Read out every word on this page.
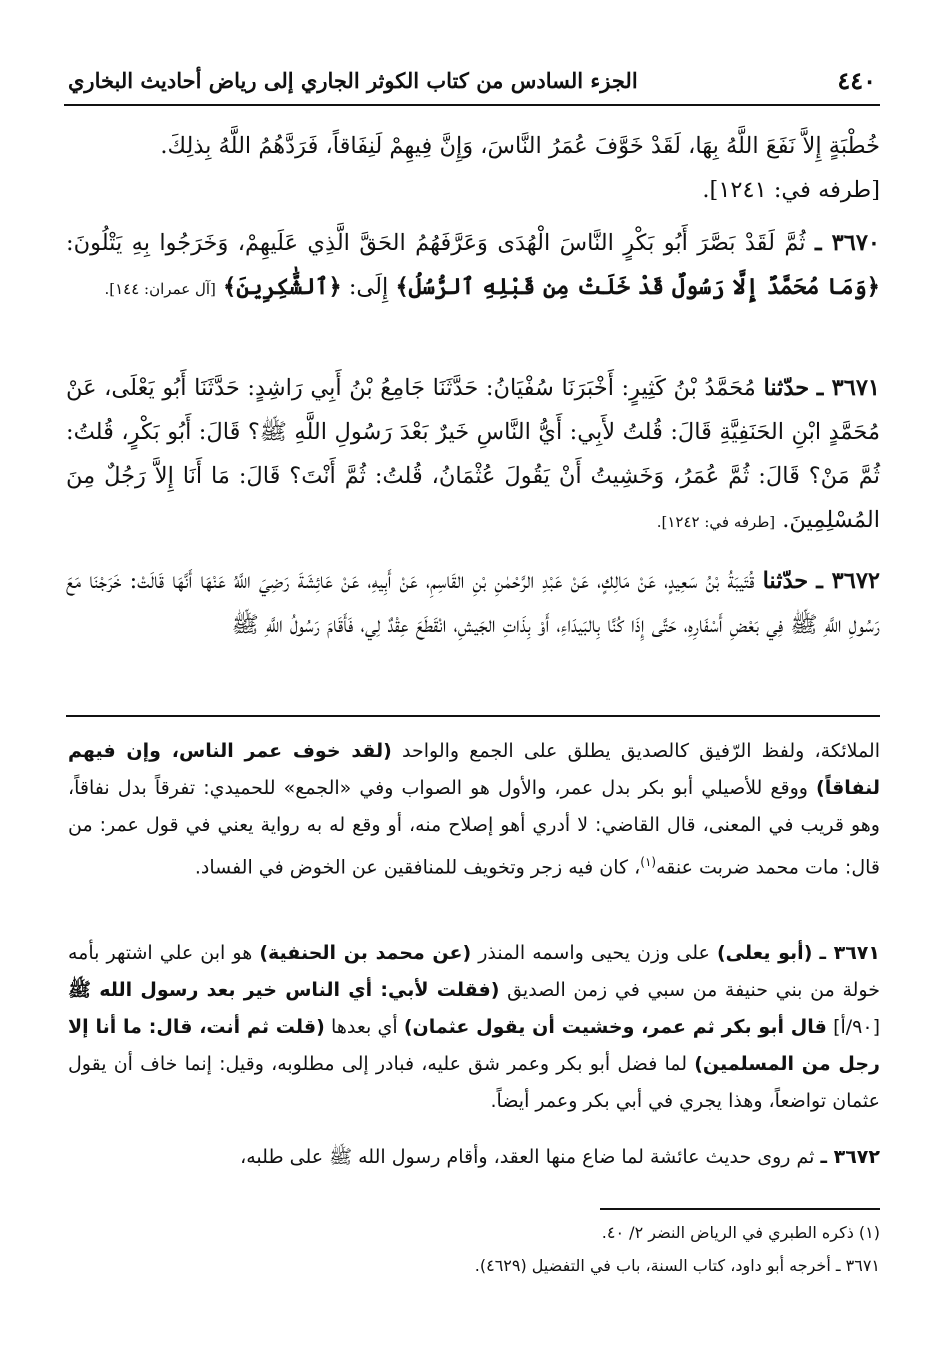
٤٤٠
الجزء السادس من كتاب الكوثر الجاري إلى رياض أحاديث البخاري

خُطْبَةٍ إِلاَّ نَفَعَ اللَّهُ بِهَا، لَقَدْ خَوَّفَ عُمَرُ النَّاسَ، وَإِنَّ فِيهِمْ لَنِفَاقاً، فَرَدَّهُمُ اللَّهُ بِذلِكَ.

[طرفه في: ١٢٤١].

٣٦٧٠ ـ ثُمَّ لَقَدْ بَصَّرَ أَبُو بَكْرٍ النَّاسَ الْهُدَى وَعَرَّفَهُمُ الحَقَّ الَّذِي عَلَيهِمْ، وَخَرَجُوا بِهِ يَتْلُونَ: ﴿وَمَا مُحَمَّدٌ إِلَّا رَسُولٌ قَدْ خَلَتْ مِن قَبْلِهِ ٱلرُّسُلُ﴾ إِلَى: ﴿ٱلشَّٰكِرِينَ﴾ [آل عمران: ١٤٤].

٣٦٧١ ـ حدّثنا مُحَمَّدُ بْنُ كَثِيرٍ: أَخْبَرَنَا سُفْيَانُ: حَدَّثَنَا جَامِعُ بْنُ أَبِي رَاشِدٍ: حَدَّثَنَا أَبُو يَعْلَى، عَنْ مُحَمَّدٍ ابْنِ الحَنَفِيَّةِ قَالَ: قُلتُ لأَبِي: أَيُّ النَّاسِ خَيرٌ بَعْدَ رَسُولِ اللَّهِ ﷺ؟ قَالَ: أَبُو بَكْرٍ، قُلتُ: ثُمَّ مَنْ؟ قَالَ: ثُمَّ عُمَرُ، وَخَشِيتُ أَنْ يَقُولَ عُثْمَانُ، قُلتُ: ثُمَّ أَنْتَ؟ قَالَ: مَا أَنَا إِلاَّ رَجُلٌ مِنَ المُسْلِمِينَ. [طرفه في: ١٢٤٢].

٣٦٧٢ ـ حدّثنا قُتَيبَةُ بْنُ سَعِيدٍ، عَنْ مَالِكٍ، عَنْ عَبْدِ الرَّحْمٰنِ بْنِ القَاسِمِ، عَنْ أَبِيهِ، عَنْ عَائِشَةَ رَضِيَ اللَّهُ عَنْهَا أَنَّهَا قَالَتْ: خَرَجْنَا مَعَ رَسُولِ اللَّهِ ﷺ فِي بَعْضِ أَسْفَارِهِ، حَتَّى إِذَا كُنَّا بِالبَيدَاءِ، أَوْ بِذَاتِ الجَيشِ، انْقَطَعَ عِقْدٌ لِي، فَأَقَامَ رَسُولُ اللَّهِ ﷺ

الملائكة، ولفظ الرّفيق كالصديق يطلق على الجمع والواحد (لقد خوف عمر الناس، وإن فيهم لنفاقاً) ووقع للأصيلي أبو بكر بدل عمر، والأول هو الصواب وفي «الجمع» للحميدي: تفرقاً بدل نفاقاً، وهو قريب في المعنى، قال القاضي: لا أدري أهو إصلاح منه، أو وقع له به رواية يعني في قول عمر: من قال: مات محمد ضربت عنقه$^{(١)}$، كان فيه زجر وتخويف للمنافقين عن الخوض في الفساد.

٣٦٧١ ـ (أبو يعلى) على وزن يحيى واسمه المنذر (عن محمد بن الحنفية) هو ابن علي اشتهر بأمه خولة من بني حنيفة من سبي في زمن الصديق (فقلت لأبي: أي الناس خير بعد رسول الله ﷺ [٩٠/أ] قال أبو بكر ثم عمر، وخشيت أن يقول عثمان) أي بعدها (قلت ثم أنت، قال: ما أنا إلا رجل من المسلمين) لما فضل أبو بكر وعمر شق عليه، فبادر إلى مطلوبه، وقيل: إنما خاف أن يقول عثمان تواضعاً، وهذا يجري في أبي بكر وعمر أيضاً.

٣٦٧٢ ـ ثم روى حديث عائشة لما ضاع منها العقد، وأقام رسول الله ﷺ على طلبه،

(١) ذكره الطبري في الرياض النضر ٢/ ٤٠.

٣٦٧١ ـ أخرجه أبو داود، كتاب السنة، باب في التفضيل (٤٦٢٩).
